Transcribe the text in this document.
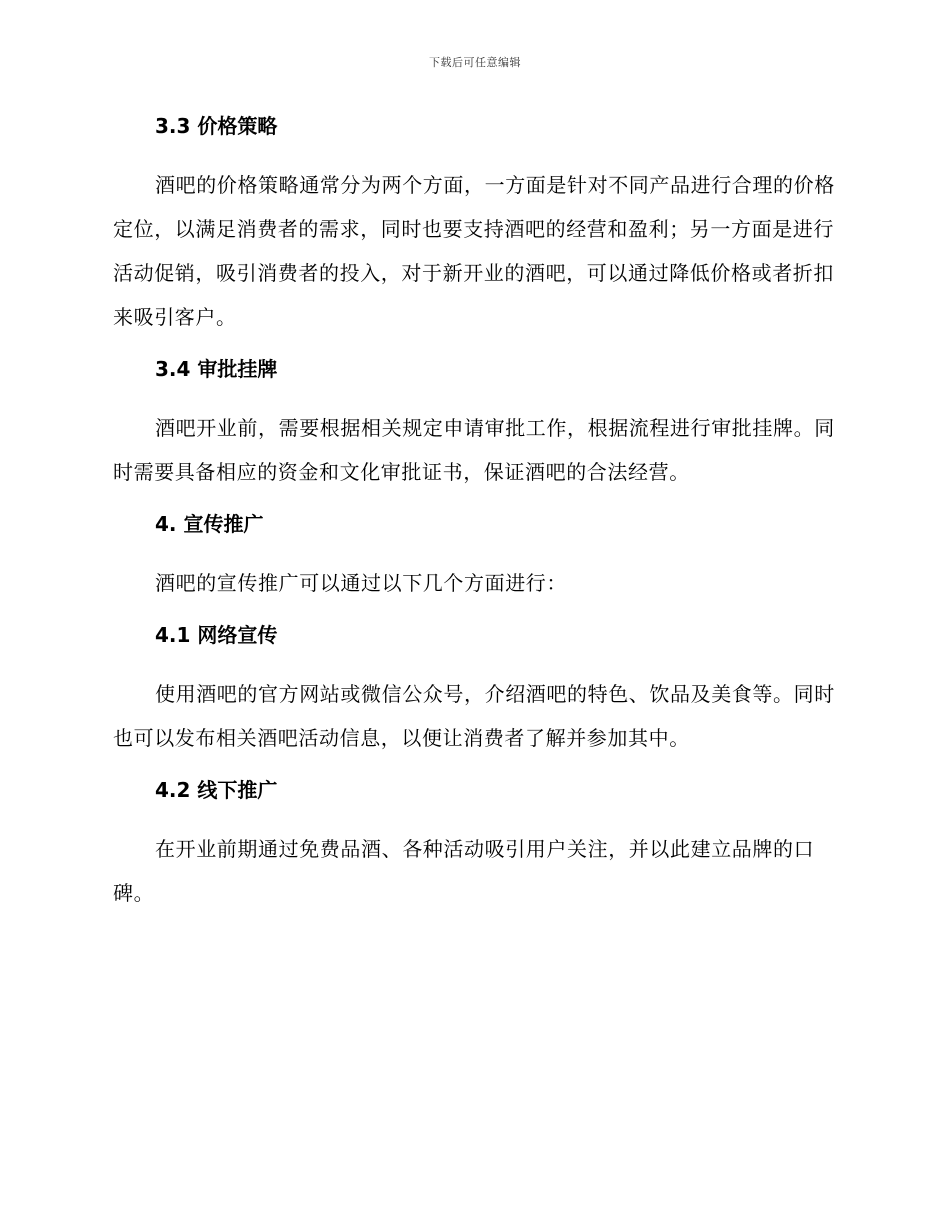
下载后可任意编辑
3.3 价格策略

酒吧的价格策略通常分为两个方面，一方面是针对不同产品进行合理的价格定位，以满足消费者的需求，同时也要支持酒吧的经营和盈利；另一方面是进行活动促销，吸引消费者的投入，对于新开业的酒吧，可以通过降低价格或者折扣来吸引客户。

3.4 审批挂牌

酒吧开业前，需要根据相关规定申请审批工作，根据流程进行审批挂牌。同时需要具备相应的资金和文化审批证书，保证酒吧的合法经营。

4. 宣传推广

酒吧的宣传推广可以通过以下几个方面进行：

4.1 网络宣传

使用酒吧的官方网站或微信公众号，介绍酒吧的特色、饮品及美食等。同时也可以发布相关酒吧活动信息，以便让消费者了解并参加其中。

4.2 线下推广

在开业前期通过免费品酒、各种活动吸引用户关注，并以此建立品牌的口碑。
